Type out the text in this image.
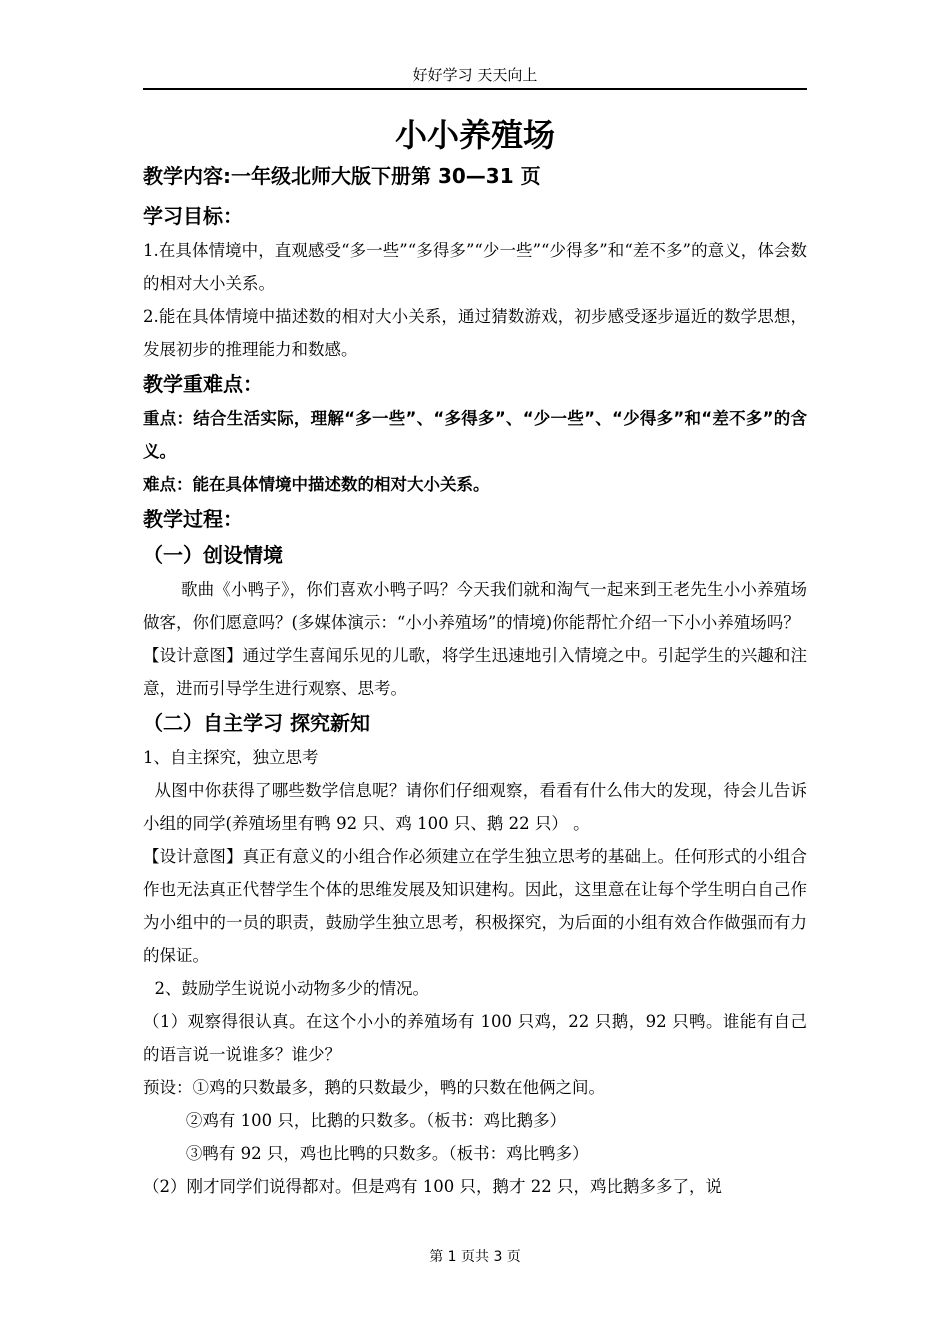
好好学习 天天向上
小小养殖场
教学内容:一年级北师大版下册第 30—31 页
学习目标：

1.在具体情境中，直观感受“多一些”“多得多”“少一些”“少得多”和“差不多”的意义，体会数的相对大小关系。

2.能在具体情境中描述数的相对大小关系，通过猜数游戏，初步感受逐步逼近的数学思想，发展初步的推理能力和数感。

教学重难点：

重点：结合生活实际，理解“多一些”、“多得多”、“少一些”、“少得多”和“差不多”的含义。

难点：能在具体情境中描述数的相对大小关系。

教学过程：
（一）创设情境

歌曲《小鸭子》，你们喜欢小鸭子吗？今天我们就和淘气一起来到王老先生小小养殖场做客，你们愿意吗？(多媒体演示：“小小养殖场”的情境)你能帮忙介绍一下小小养殖场吗？

【设计意图】通过学生喜闻乐见的儿歌，将学生迅速地引入情境之中。引起学生的兴趣和注意，进而引导学生进行观察、思考。

（二）自主学习 探究新知

1、自主探究，独立思考

从图中你获得了哪些数学信息呢？请你们仔细观察，看看有什么伟大的发现，待会儿告诉小组的同学(养殖场里有鸭 92 只、鸡 100 只、鹅 22 只） 。

【设计意图】真正有意义的小组合作必须建立在学生独立思考的基础上。任何形式的小组合作也无法真正代替学生个体的思维发展及知识建构。因此，这里意在让每个学生明白自己作为小组中的一员的职责，鼓励学生独立思考，积极探究，为后面的小组有效合作做强而有力的保证。

2、鼓励学生说说小动物多少的情况。

（1）观察得很认真。在这个小小的养殖场有 100 只鸡，22 只鹅，92 只鸭。谁能有自己的语言说一说谁多？谁少？

预设：①鸡的只数最多，鹅的只数最少，鸭的只数在他俩之间。

②鸡有 100 只，比鹅的只数多。（板书：鸡比鹅多）

③鸭有 92 只，鸡也比鸭的只数多。（板书：鸡比鸭多）

（2）刚才同学们说得都对。但是鸡有 100 只，鹅才 22 只，鸡比鹅多多了，说

第 1 页共 3 页
